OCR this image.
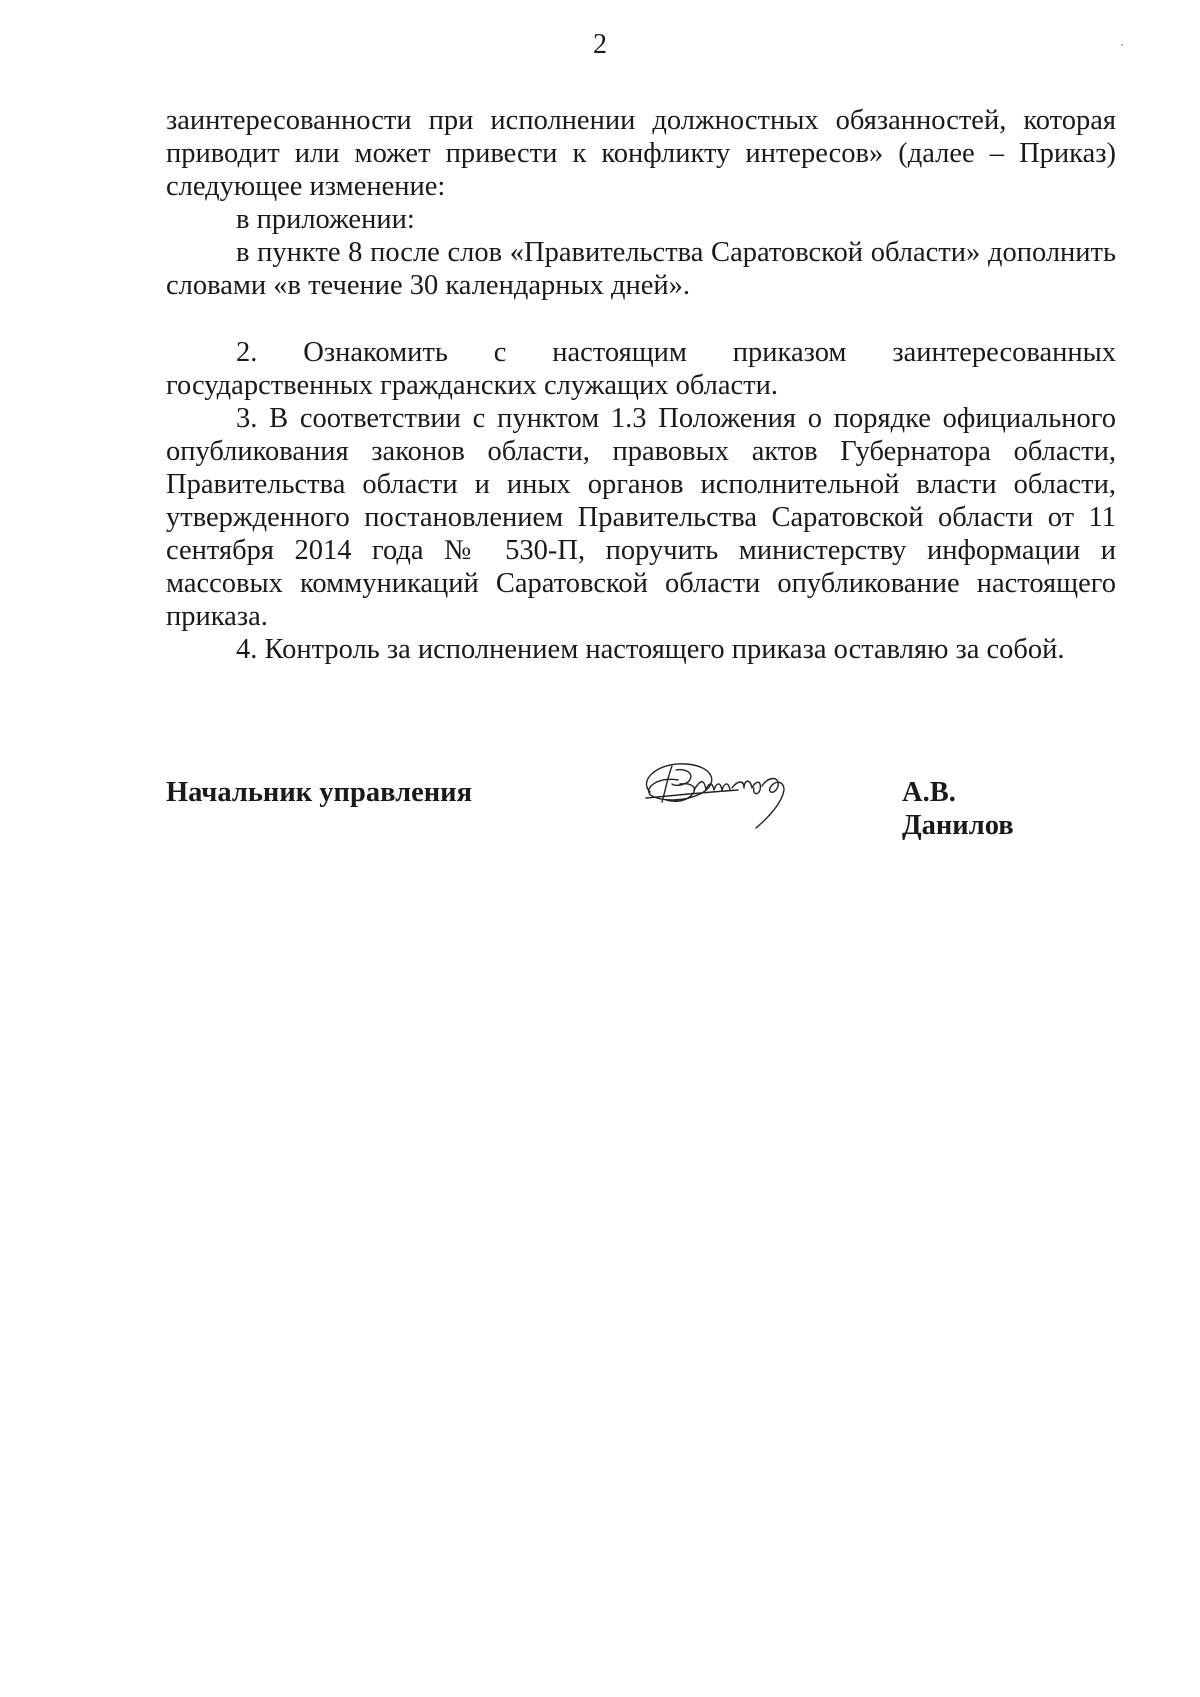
2

заинтересованности при исполнении должностных обязанностей, которая приводит или может привести к конфликту интересов» (далее – Приказ) следующее изменение:

в приложении:

в пункте 8 после слов «Правительства Саратовской области» дополнить словами «в течение 30 календарных дней».

2. Ознакомить с настоящим приказом заинтересованных государственных гражданских служащих области.

3. В соответствии с пунктом 1.3 Положения о порядке официального опубликования законов области, правовых актов Губернатора области, Правительства области и иных органов исполнительной власти области, утвержденного постановлением Правительства Саратовской области от 11 сентября 2014 года № 530-П, поручить министерству информации и массовых коммуникаций Саратовской области опубликование настоящего приказа.

4. Контроль за исполнением настоящего приказа оставляю за собой.

Начальник управления	А.В. Данилов
